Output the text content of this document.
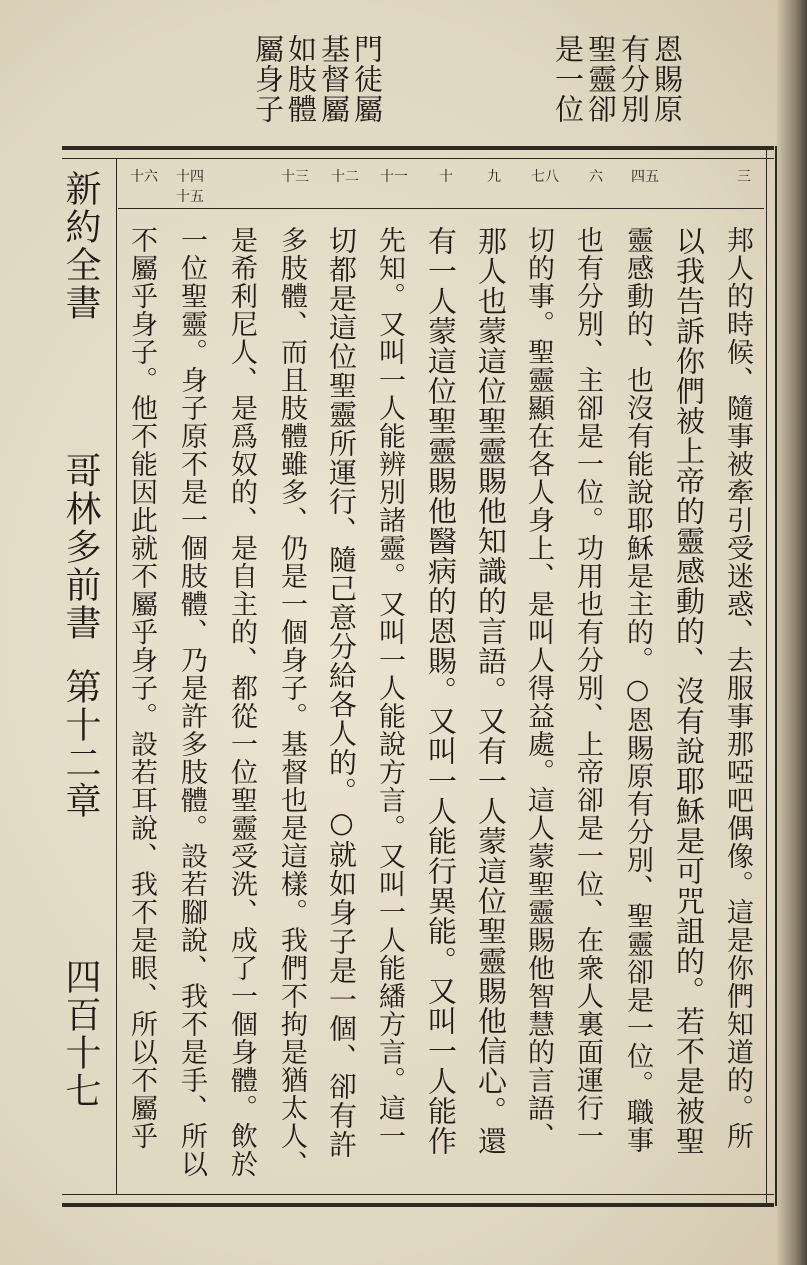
恩賜原
有分別
聖靈卻
是一位
門徒屬
基督屬
如肢體
屬身子
三
四五
六
七八
九
十
十一
十二
十三
十四十五
十六
邦人的時候、隨事被牽引受迷惑、去服事那啞吧偶像。這是你們知道的。所
以我告訴你們被上帝的靈感動的、沒有說耶穌是可咒詛的。若不是被聖
靈感動的、也沒有能說耶穌是主的。○恩賜原有分別、聖靈卻是一位。職事
也有分別、主卻是一位。功用也有分別、上帝卻是一位、在衆人裏面運行一
切的事。聖靈顯在各人身上、是叫人得益處。這人蒙聖靈賜他智慧的言語、
那人也蒙這位聖靈賜他知識的言語。又有一人蒙這位聖靈賜他信心。還
有一人蒙這位聖靈賜他醫病的恩賜。又叫一人能行異能。又叫一人能作
先知。又叫一人能辨別諸靈。又叫一人能說方言。又叫一人能繙方言。這一
切都是這位聖靈所運行、隨己意分給各人的。○就如身子是一個、卻有許
多肢體、而且肢體雖多、仍是一個身子。基督也是這樣。我們不拘是猶太人、
是希利尼人、是爲奴的、是自主的、都從一位聖靈受洗、成了一個身體。飲於
一位聖靈。身子原不是一個肢體、乃是許多肢體。設若腳說、我不是手、所以
不屬乎身子。他不能因此就不屬乎身子。設若耳說、我不是眼、所以不屬乎
新約全書
哥林多前書
第十二章
四百十七
